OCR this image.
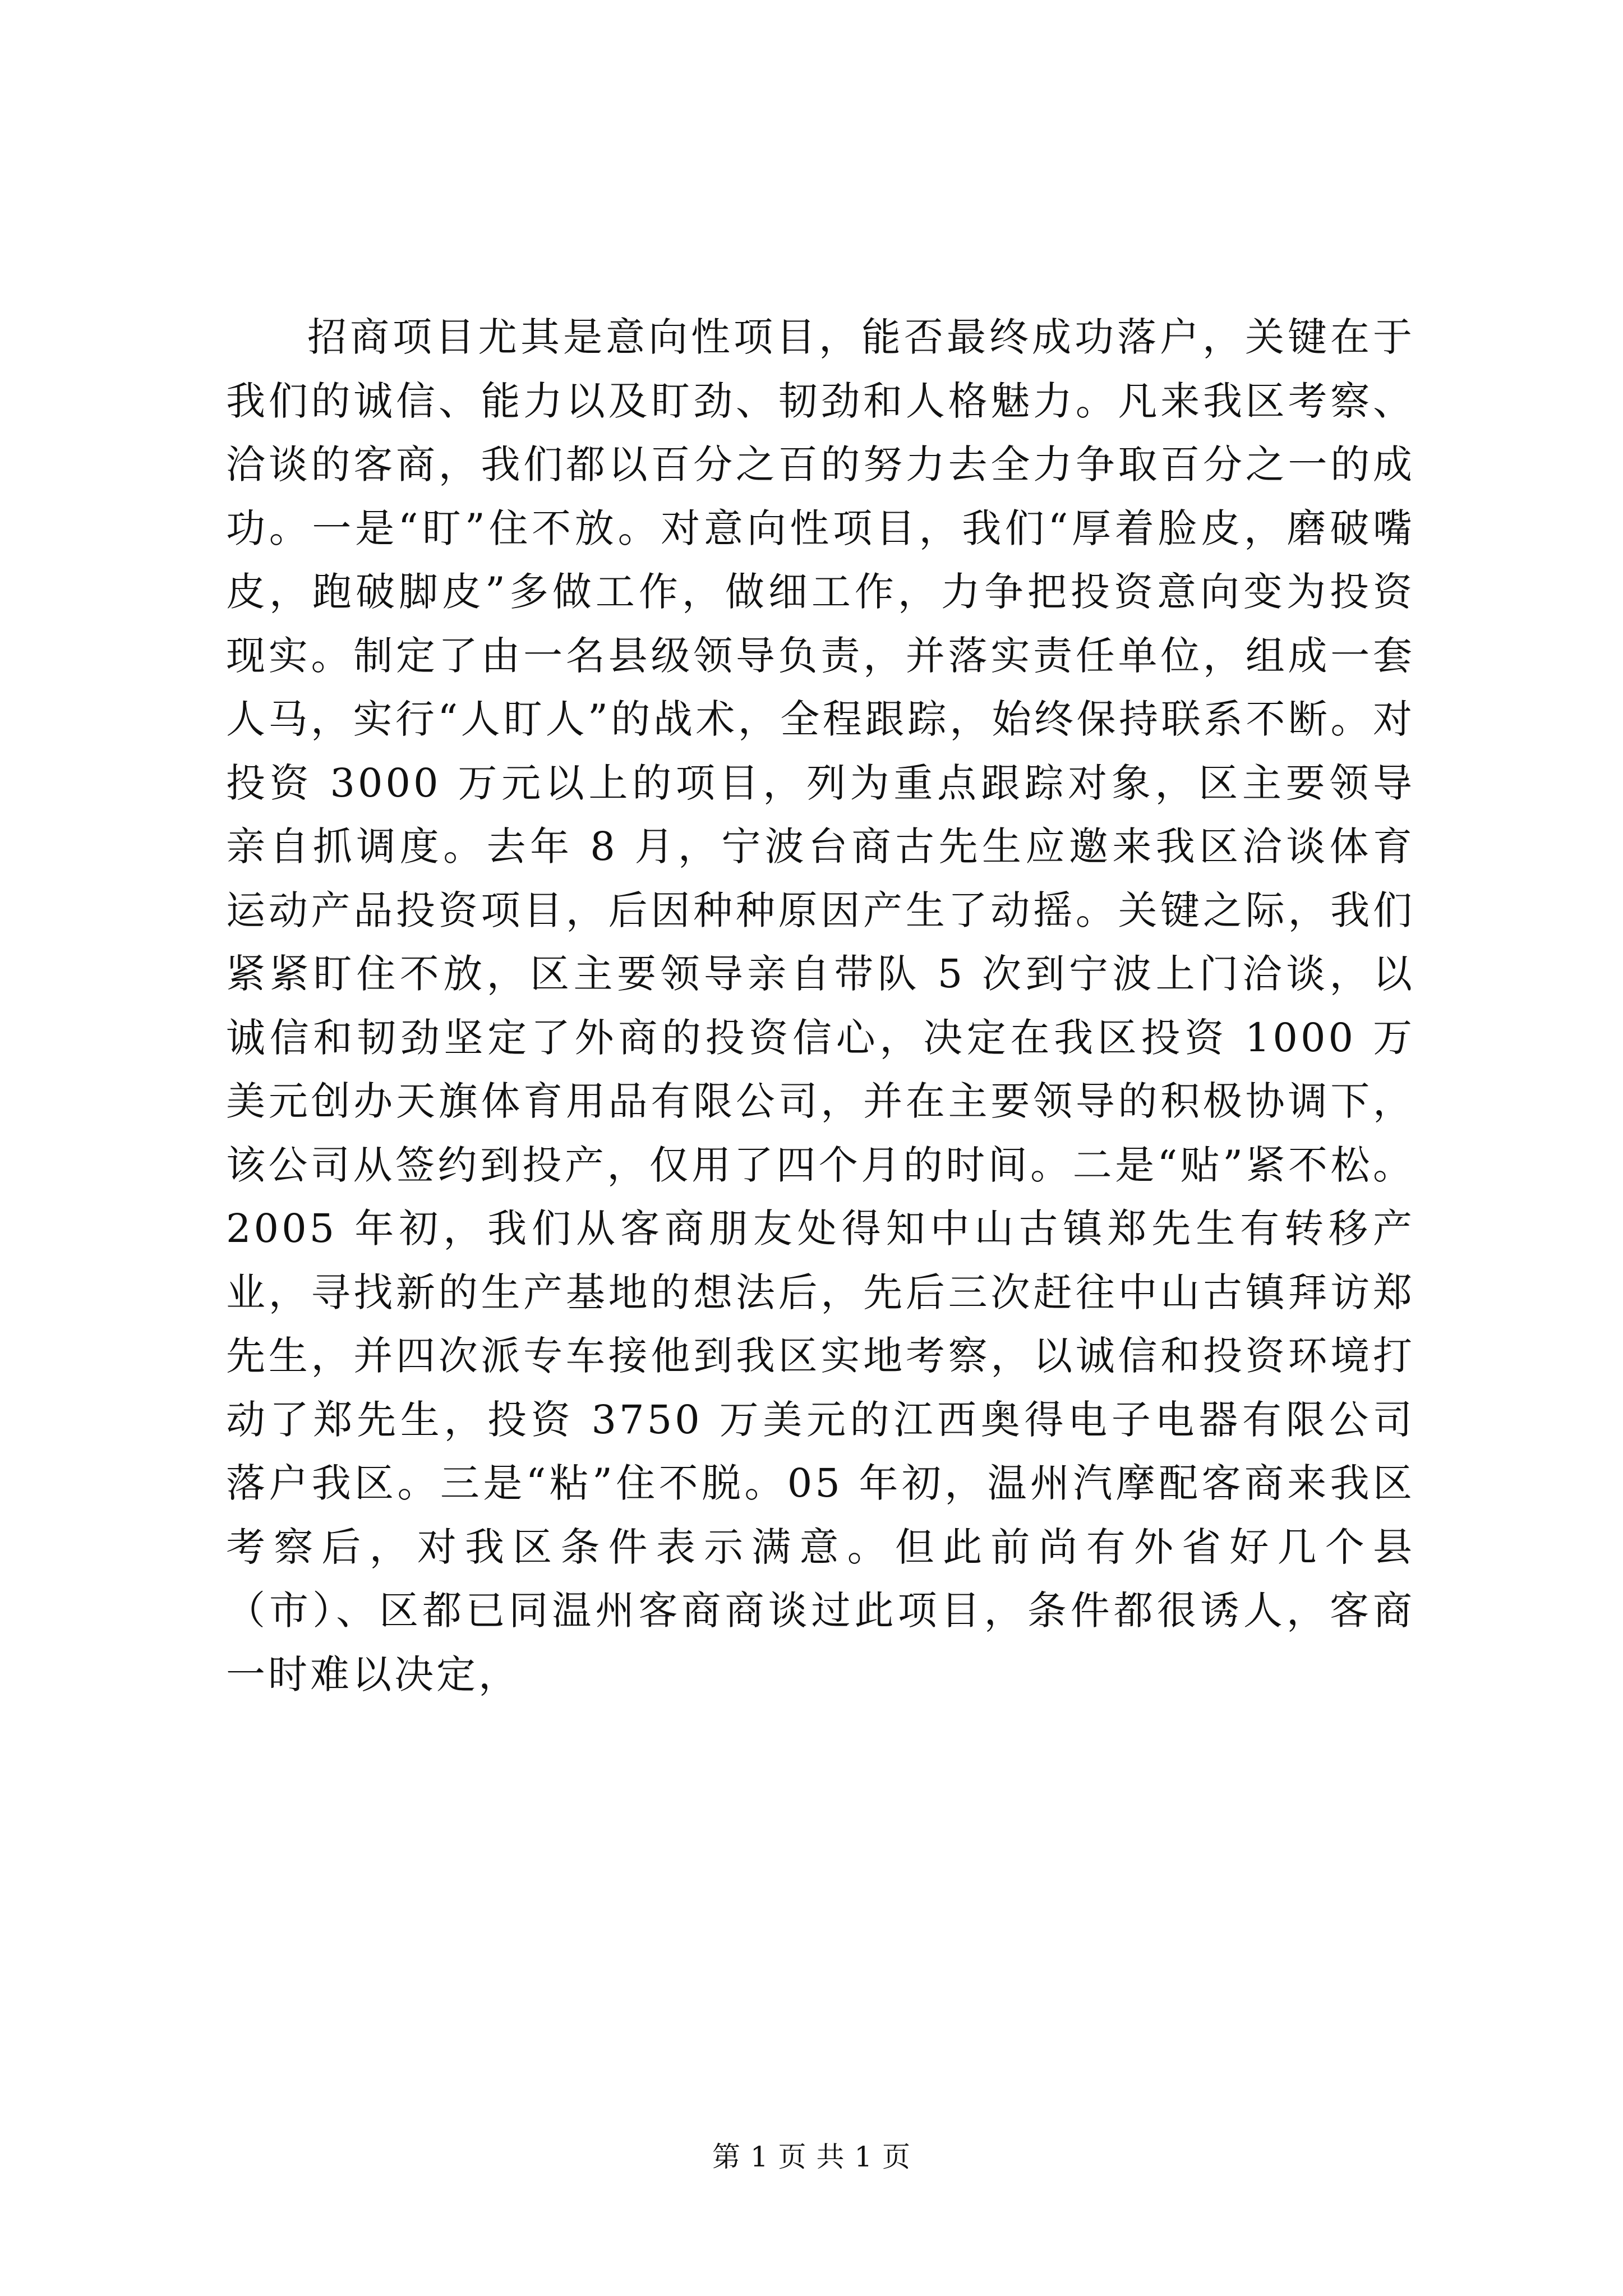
招商项目尤其是意向性项目，能否最终成功落户，关键在于我们的诚信、能力以及盯劲、韧劲和人格魅力。凡来我区考察、洽谈的客商，我们都以百分之百的努力去全力争取百分之一的成功。一是“盯”住不放。对意向性项目，我们“厚着脸皮，磨破嘴皮，跑破脚皮”多做工作，做细工作，力争把投资意向变为投资现实。制定了由一名县级领导负责，并落实责任单位，组成一套人马，实行“人盯人”的战术，全程跟踪，始终保持联系不断。对投资 3000 万元以上的项目，列为重点跟踪对象，区主要领导亲自抓调度。去年 8 月，宁波台商古先生应邀来我区洽谈体育运动产品投资项目，后因种种原因产生了动摇。关键之际，我们紧紧盯住不放，区主要领导亲自带队 5 次到宁波上门洽谈，以诚信和韧劲坚定了外商的投资信心，决定在我区投资 1000 万美元创办天旗体育用品有限公司，并在主要领导的积极协调下，该公司从签约到投产，仅用了四个月的时间。二是“贴”紧不松。2005 年初，我们从客商朋友处得知中山古镇郑先生有转移产业，寻找新的生产基地的想法后，先后三次赶往中山古镇拜访郑先生，并四次派专车接他到我区实地考察，以诚信和投资环境打动了郑先生，投资 3750 万美元的江西奥得电子电器有限公司落户我区。三是“粘”住不脱。05 年初，温州汽摩配客商来我区考察后，对我区条件表示满意。但此前尚有外省好几个县（市）、区都已同温州客商商谈过此项目，条件都很诱人，客商一时难以决定，

第 1 页 共 1 页
